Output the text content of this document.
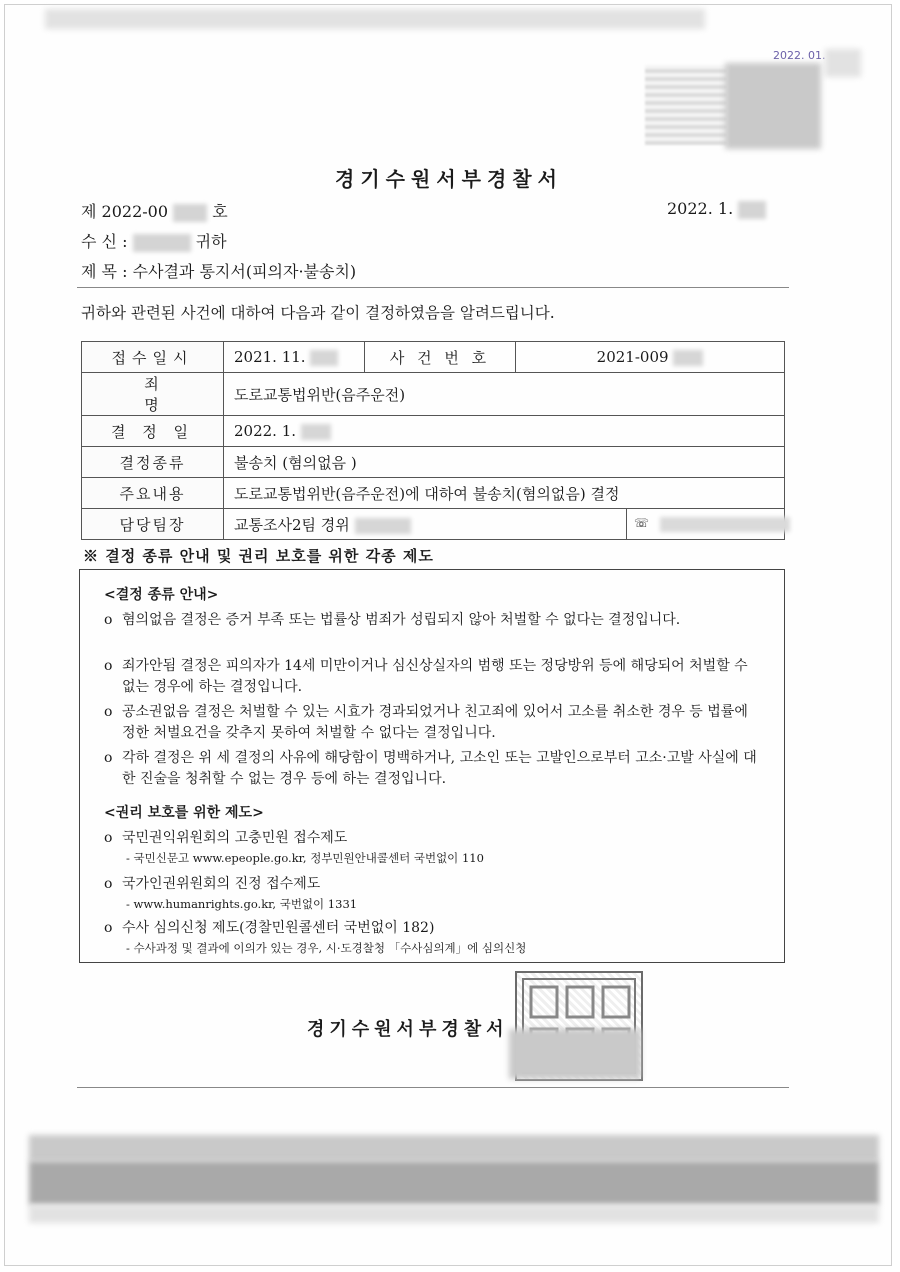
2022. 01.
경기수원서부경찰서
제 2022-00	호	2022. 1.
수 신 :	귀하
제 목 : 수사결과 통지서(피의자·불송치)
귀하와 관련된 사건에 대하여 다음과 같이 결정하였음을 알려드립니다.
접수일시	2021. 11.	사 건 번 호	2021-009
죄 명	도로교통법위반(음주운전)		
결 정 일	2022. 1.		
결정종류	불송치 (혐의없음 )		
주요내용	도로교통법위반(음주운전)에 대하여 불송치(혐의없음) 결정		
담당팀장	교통조사2팀 경위 ☏		
※ 결정 종류 안내 및 권리 보호를 위한 각종 제도
<결정 종류 안내>
ο 혐의없음 결정은 증거 부족 또는 법률상 범죄가 성립되지 않아 처벌할 수 없다는 결정입니다.
ο 죄가안됨 결정은 피의자가 14세 미만이거나 심신상실자의 범행 또는 정당방위 등에 해당되어 처벌할 수 없는 경우에 하는 결정입니다.
ο 공소권없음 결정은 처벌할 수 있는 시효가 경과되었거나 친고죄에 있어서 고소를 취소한 경우 등 법률에 정한 처벌요건을 갖추지 못하여 처벌할 수 없다는 결정입니다.
ο 각하 결정은 위 세 결정의 사유에 해당함이 명백하거나, 고소인 또는 고발인으로부터 고소·고발 사실에 대한 진술을 청취할 수 없는 경우 등에 하는 결정입니다.
<권리 보호를 위한 제도>
ο 국민권익위원회의 고충민원 접수제도
- 국민신문고 www.epeople.go.kr, 정부민원안내콜센터 국번없이 110
ο 국가인권위원회의 진정 접수제도
- www.humanrights.go.kr, 국번없이 1331
ο 수사 심의신청 제도(경찰민원콜센터 국번없이 182)
- 수사과정 및 결과에 이의가 있는 경우, 시·도경찰청 「수사심의계」에 심의신청
경기수원서부경찰서
